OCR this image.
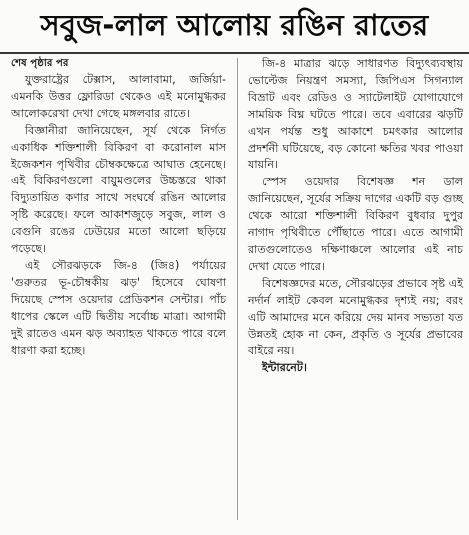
সবুজ-লাল আলোয় রঙিন রাতের
শেষ পৃষ্ঠার পর

যুক্তরাষ্ট্রের টেক্সাস, আলাবামা, জর্জিয়া- এমনকি উত্তর ফ্লোরিডা থেকেও এই মনোমুগ্ধকর আলোকরেখা দেখা গেছে মঙ্গলবার রাতে।

বিজ্ঞানীরা জানিয়েছেন, সূর্য থেকে নির্গত একাধিক শক্তিশালী বিকিরণ বা করোনাল মাস ইজেকশন পৃথিবীর চৌম্বকক্ষেত্রে আঘাত হেনেছে। এই বিকিরণগুলো বায়ুমণ্ডলের উচ্চস্তরে থাকা বিদ্যুতায়িত কণার সাথে সংঘর্ষে রঙিন আলোর সৃষ্টি করেছে। ফলে আকাশজুড়ে সবুজ, লাল ও বেগুনি রঙের ঢেউয়ের মতো আলো ছড়িয়ে পড়েছে।

এই সৌরঝড়কে জি-৪ (জি৪) পর্যায়ের 'গুরুতর ভূ-চৌম্বকীয় ঝড়' হিসেবে ঘোষণা দিয়েছে স্পেস ওয়েদার প্রেডিকশন সেন্টার। পাঁচ ধাপের স্কেলে এটি দ্বিতীয় সর্বোচ্চ মাত্রা। আগামী দুই রাতেও এমন ঝড় অব্যাহত থাকতে পারে বলে ধারণা করা হচ্ছে।

জি-৪ মাত্রার ঝড়ে সাধারণত বিদ্যুৎব্যবস্থায় ভোল্টেজ নিয়ন্ত্রণ সমস্যা, জিপিএস সিগন্যাল বিভ্রাট এবং রেডিও ও স্যাটেলাইট যোগাযোগে সাময়িক বিঘ্ন ঘটতে পারে। তবে এবারের ঝড়টি এখন পর্যন্ত শুধু আকাশে চমৎকার আলোর প্রদর্শনী ঘটিয়েছে, বড় কোনো ক্ষতির খবর পাওয়া যায়নি।

স্পেস ওয়েদার বিশেষজ্ঞ শন ডাল জানিয়েছেন, সূর্যের সক্রিয় দাগের একটি বড় গুচ্ছ থেকে আরো শক্তিশালী বিকিরণ বুধবার দুপুর নাগাদ পৃথিবীতে পৌঁছাতে পারে। এতে আগামী রাতগুলোতেও দক্ষিণাঞ্চলে আলোর এই নাচ দেখা যেতে পারে।

বিশেষজ্ঞদের মতে, সৌরঝড়ের প্রভাবে সৃষ্ট এই নর্দার্ন লাইট কেবল মনোমুগ্ধকর দৃশ্যই নয়; বরং এটি আমাদের মনে করিয়ে দেয় মানব সভ্যতা যত উন্নতই হোক না কেন, প্রকৃতি ও সূর্যের প্রভাবের বাইরে নয়।

ইন্টারনেট।
